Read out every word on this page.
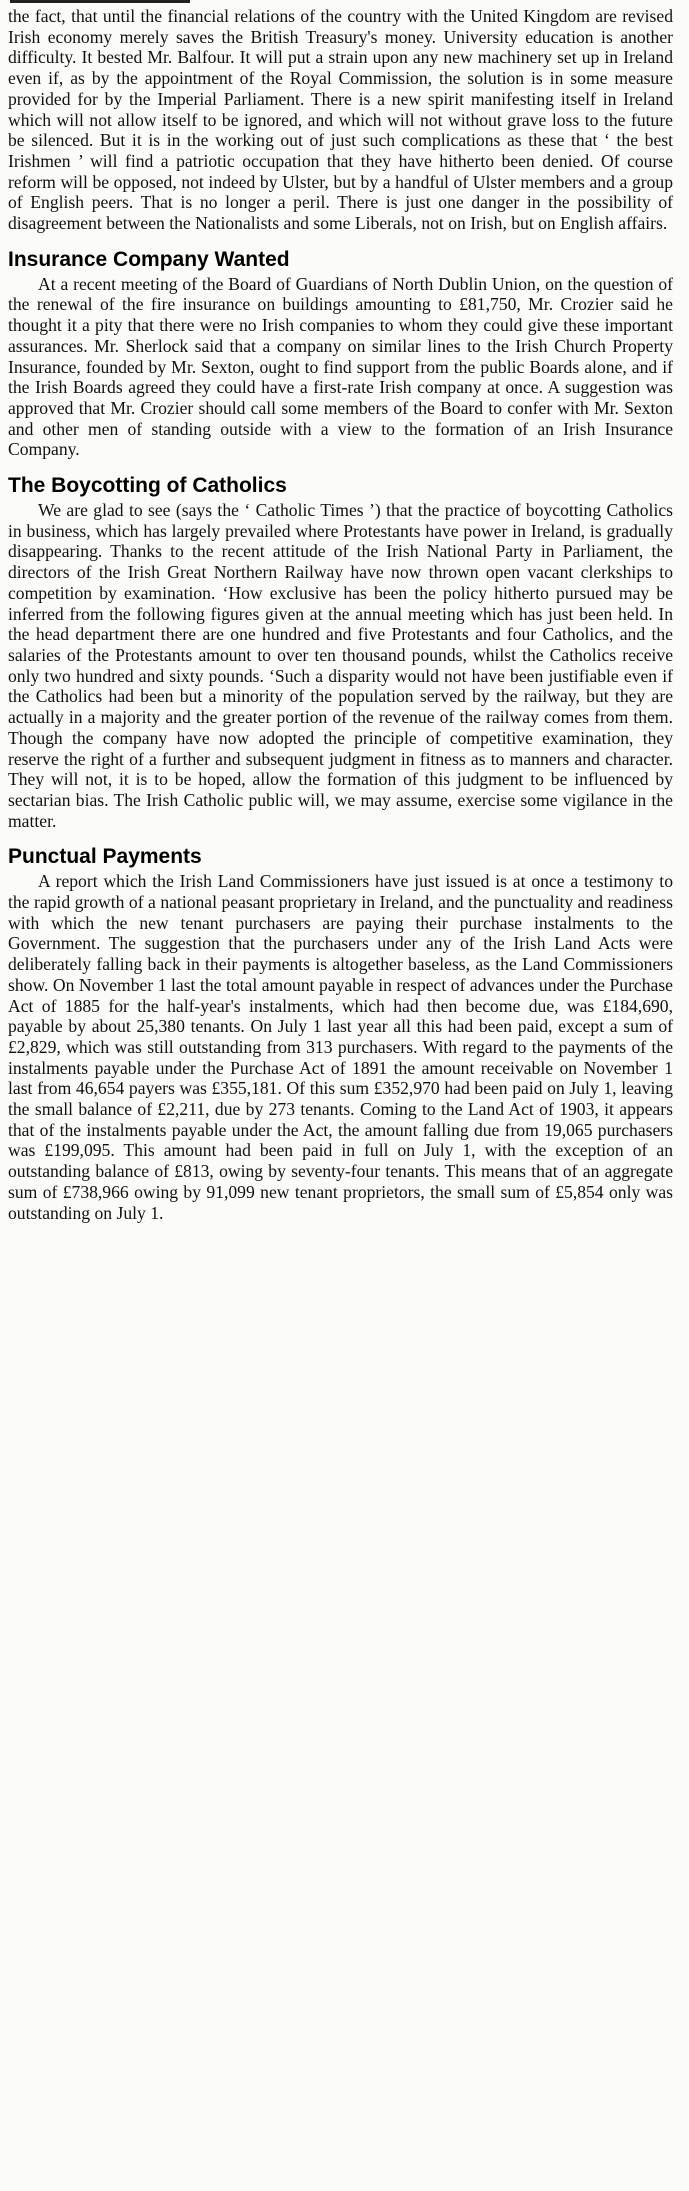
the fact, that until the financial relations of the country with the United Kingdom are revised Irish economy merely saves the British Treasury's money. University education is another difficulty. It bested Mr. Balfour. It will put a strain upon any new machinery set up in Ireland even if, as by the appointment of the Royal Commission, the solution is in some measure provided for by the Imperial Parliament. There is a new spirit manifesting itself in Ireland which will not allow itself to be ignored, and which will not without grave loss to the future be silenced. But it is in the working out of just such complications as these that ‘ the best Irishmen ’ will find a patriotic occupation that they have hitherto been denied. Of course reform will be opposed, not indeed by Ulster, but by a handful of Ulster members and a group of English peers. That is no longer a peril. There is just one danger in the possibility of disagreement between the Nationalists and some Liberals, not on Irish, but on English affairs.

Insurance Company Wanted

At a recent meeting of the Board of Guardians of North Dublin Union, on the question of the renewal of the fire insurance on buildings amounting to £81,750, Mr. Crozier said he thought it a pity that there were no Irish companies to whom they could give these important assurances. Mr. Sherlock said that a company on similar lines to the Irish Church Property Insurance, founded by Mr. Sexton, ought to find support from the public Boards alone, and if the Irish Boards agreed they could have a first-rate Irish company at once. A suggestion was approved that Mr. Crozier should call some members of the Board to confer with Mr. Sexton and other men of standing outside with a view to the formation of an Irish Insurance Company.

The Boycotting of Catholics

We are glad to see (says the ‘ Catholic Times ’) that the practice of boycotting Catholics in business, which has largely prevailed where Protestants have power in Ireland, is gradually disappearing. Thanks to the recent attitude of the Irish National Party in Parliament, the directors of the Irish Great Northern Railway have now thrown open vacant clerkships to competition by examination. ‘How exclusive has been the policy hitherto pursued may be inferred from the following figures given at the annual meeting which has just been held. In the head department there are one hundred and five Protestants and four Catholics, and the salaries of the Protestants amount to over ten thousand pounds, whilst the Catholics receive only two hundred and sixty pounds. ‘Such a disparity would not have been justifiable even if the Catholics had been but a minority of the population served by the railway, but they are actually in a majority and the greater portion of the revenue of the railway comes from them. Though the company have now adopted the principle of competitive examination, they reserve the right of a further and subsequent judgment in fitness as to manners and character. They will not, it is to be hoped, allow the formation of this judgment to be influenced by sectarian bias. The Irish Catholic public will, we may assume, exercise some vigilance in the matter.

Punctual Payments

A report which the Irish Land Commissioners have just issued is at once a testimony to the rapid growth of a national peasant proprietary in Ireland, and the punctuality and readiness with which the new tenant purchasers are paying their purchase instalments to the Government. The suggestion that the purchasers under any of the Irish Land Acts were deliberately falling back in their payments is altogether baseless, as the Land Commissioners show. On November 1 last the total amount payable in respect of advances under the Purchase Act of 1885 for the half-year's instalments, which had then become due, was £184,690, payable by about 25,380 tenants. On July 1 last year all this had been paid, except a sum of £2,829, which was still outstanding from 313 purchasers. With regard to the payments of the instalments payable under the Purchase Act of 1891 the amount receivable on November 1 last from 46,654 payers was £355,181. Of this sum £352,970 had been paid on July 1, leaving the small balance of £2,211, due by 273 tenants. Coming to the Land Act of 1903, it appears that of the instalments payable under the Act, the amount falling due from 19,065 purchasers was £199,095. This amount had been paid in full on July 1, with the exception of an outstanding balance of £813, owing by seventy-four tenants. This means that of an aggregate sum of £738,966 owing by 91,099 new tenant proprietors, the small sum of £5,854 only was outstanding on July 1.
